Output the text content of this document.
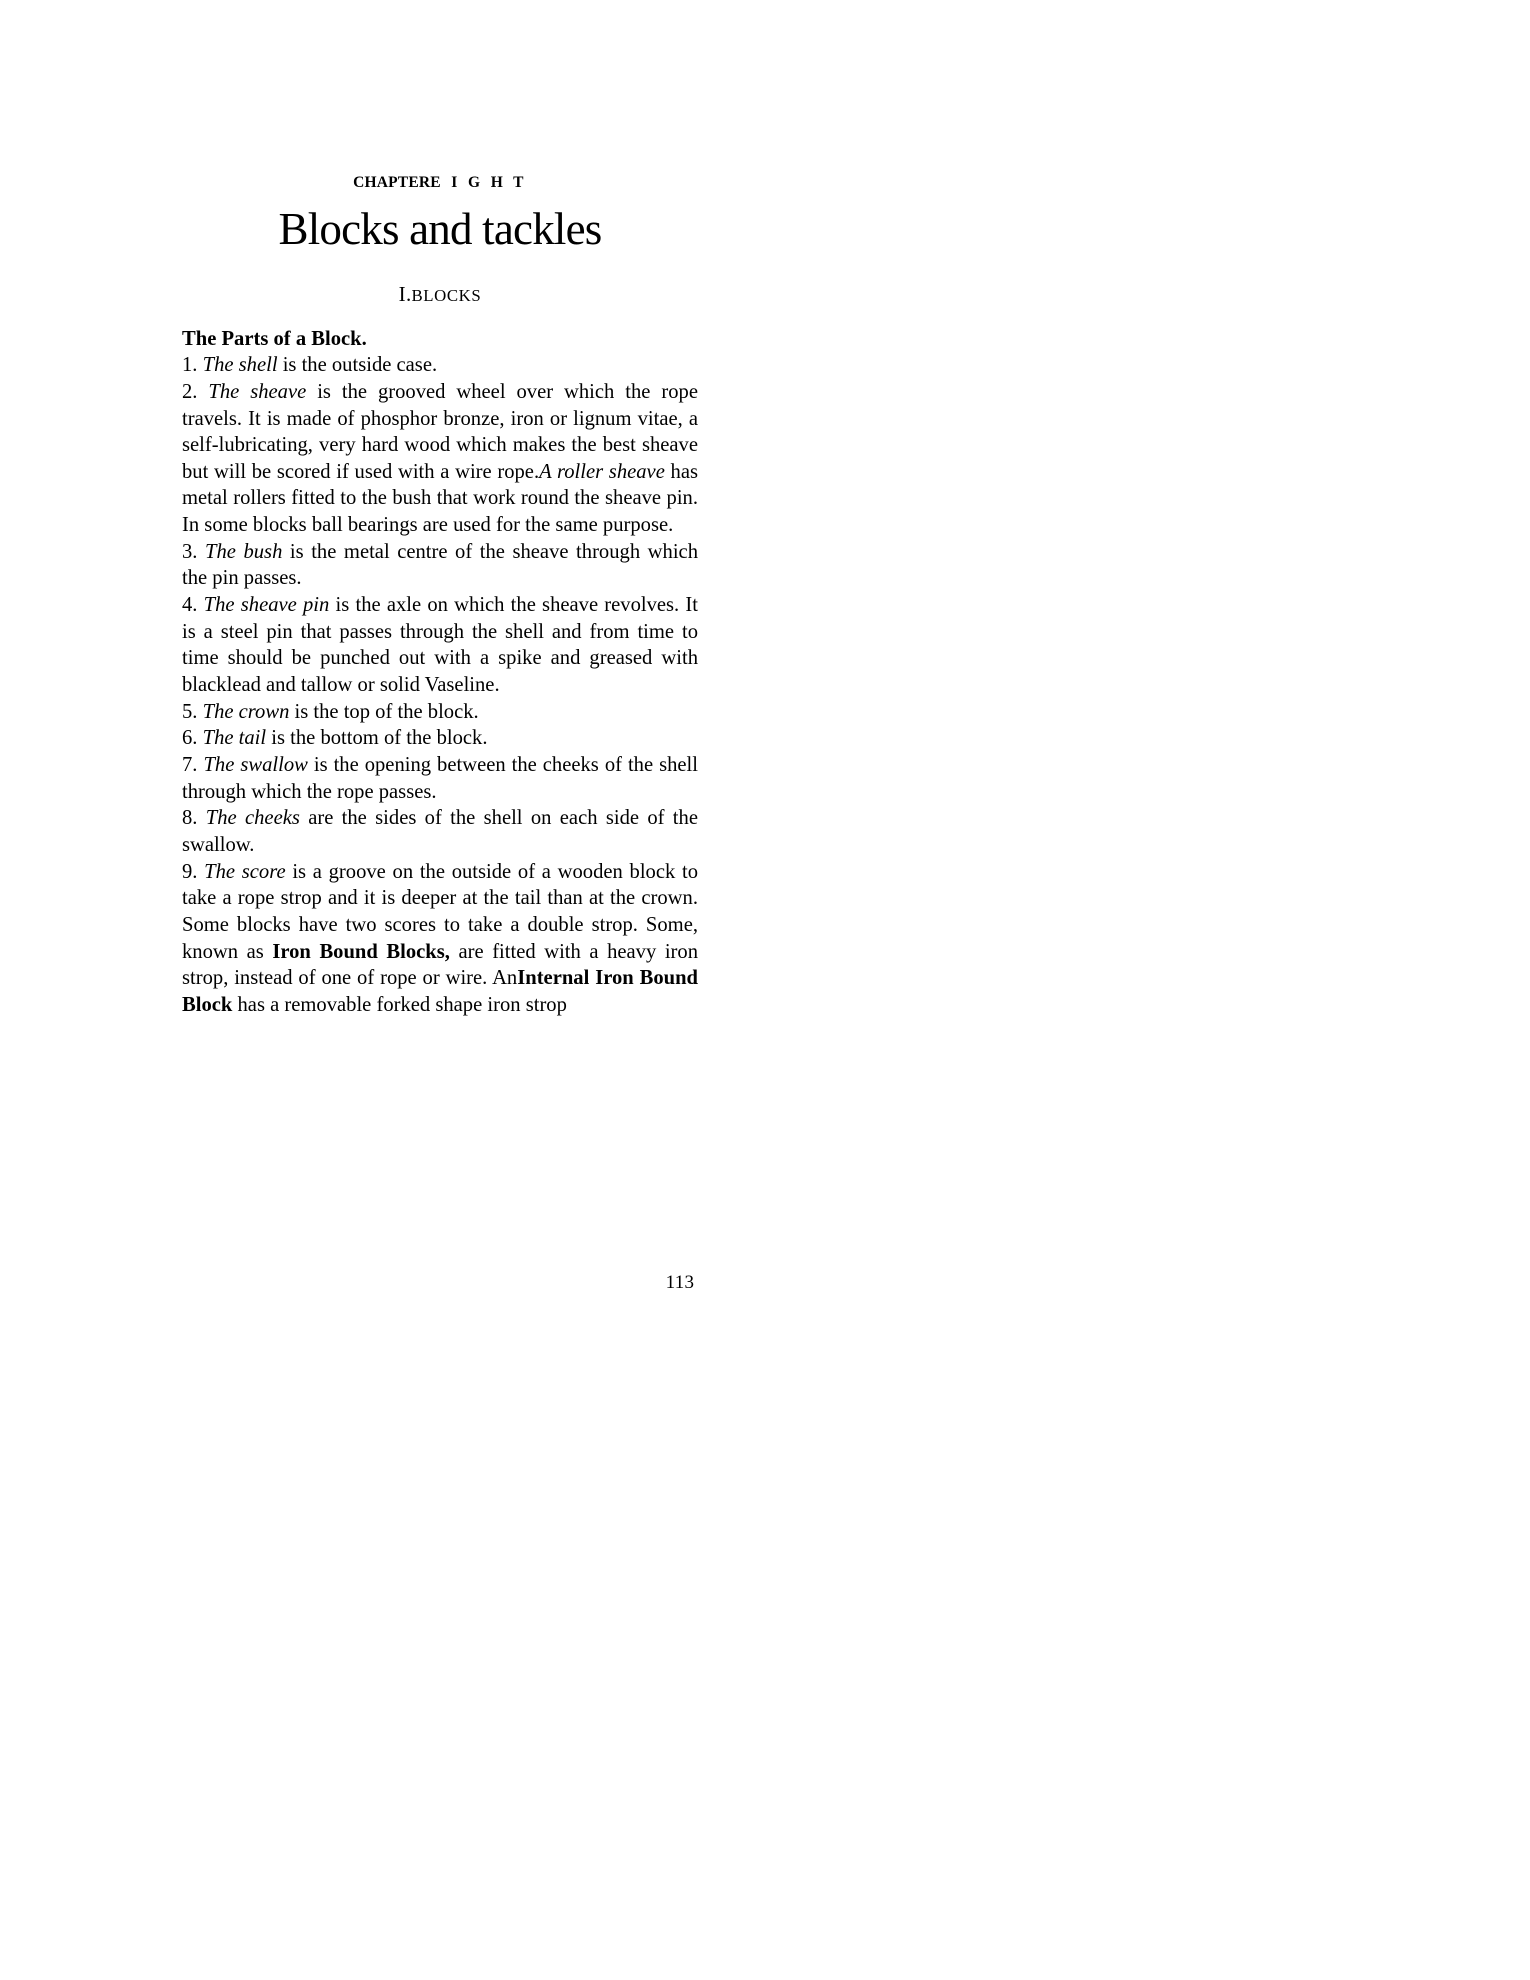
CHAPTERE I G H T
Blocks and tackles
I.BLOCKS

The Parts of a Block.

1. The shell is the outside case.

2. The sheave is the grooved wheel over which the rope travels. It is made of phosphor bronze, iron or lignum vitae, a self-lubricating, very hard wood which makes the best sheave but will be scored if used with a wire rope.A roller sheave has metal rollers fitted to the bush that work round the sheave pin. In some blocks ball bearings are used for the same purpose.

3. The bush is the metal centre of the sheave through which the pin passes.

4. The sheave pin is the axle on which the sheave revolves. It is a steel pin that passes through the shell and from time to time should be punched out with a spike and greased with blacklead and tallow or solid Vaseline.

5. The crown is the top of the block.

6. The tail is the bottom of the block.

7. The swallow is the opening between the cheeks of the shell through which the rope passes.

8. The cheeks are the sides of the shell on each side of the swallow.

9. The score is a groove on the outside of a wooden block to take a rope strop and it is deeper at the tail than at the crown. Some blocks have two scores to take a double strop. Some, known as Iron Bound Blocks, are fitted with a heavy iron strop, instead of one of rope or wire. AnInternal Iron Bound Block has a removable forked shape iron strop

113
